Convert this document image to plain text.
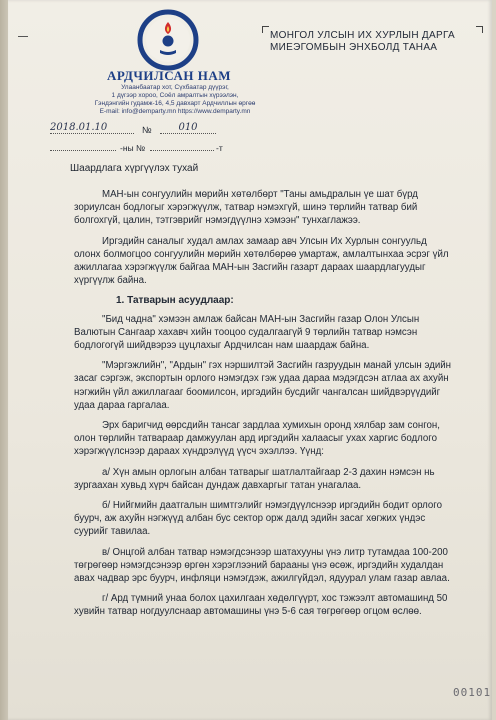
АРДЧИЛСАН НАМ
Улаанбаатар хот, Сүхбаатар дүүрэг,
1 дүгээр хороо, Соёл амралтын хүрээлэн,
Гэндэнгийн гудамж-16, 4,5 давхарт Ардчиллын өргөө
E-mail: info@demparty.mn https://www.demparty.mn
МОНГОЛ УЛСЫН ИХ ХУРЛЫН ДАРГА
МИЕЭГОМБЫН ЭНХБОЛД ТАНАА
2018.01.10	№	010
-ны №	-т
Шаардлага хүргүүлэх тухай

МАН-ын сонгуулийн мөрийн хөтөлбөрт "Таны амьдралын үе шат бүрд
зориулсан бодлогыг хэрэгжүүлж, татвар нэмэхгүй, шинэ төрлийн татвар бий
болгохгүй, цалин, тэтгэврийг нэмэгдүүлнэ хэмээн" тунхаглажээ.

Иргэдийн саналыг худал амлах замаар авч Улсын Их Хурлын сонгуульд
олонх болмогцоо сонгуулийн мөрийн хөтөлбөрөө умартаж, амлалтынхаа эсрэг үйл
ажиллагаа хэрэгжүүлж байгаа МАН-ын Засгийн газарт дараах шаардлагуудыг
хүргүүлж байна.

1. Татварын асуудлаар:

"Бид чадна" хэмээн амлаж байсан МАН-ын Засгийн газар Олон Улсын
Валютын Сангаар хахавч хийн тооцоо судалгаагүй 9 төрлийн татвар нэмсэн
бодлогогүй шийдвэрээ цуцлахыг Ардчилсан нам шаардаж байна.

"Мэргэжлийн", "Ардын" гэх нэршилтэй Засгийн газруудын манай улсын эдийн
засаг сэргэж, экспортын орлого нэмэгдэх гэж удаа дараа мэдэгдсэн атлаа ах ахуйн
нэгжийн үйл ажиллагааг боомилсон, иргэдийн бусдийг чангалсан шийдвэрүүдийг
удаа дараа гаргалаа.

Эрх баригчид өөрсдийн тансаг зардлаа хумихын оронд хялбар зам сонгон,
олон төрлийн татвараар дамжуулан ард иргэдийн халаасыг ухах харгис бодлого
хэрэгжүүлснээр дараах хүндрэлүүд үүсч эхэллээ. Үүнд:

а/ Хүн амын орлогын албан татварыг шатлалтайгаар 2-3 дахин нэмсэн нь
зургаахан хувьд хүрч байсан дундаж давхаргыг татан унагалаа.

б/ Нийгмийн даатгалын шимтгэлийг нэмэгдүүлснээр иргэдийн бодит орлого
буурч, аж ахуйн нэгжүүд албан бус сектор орж далд эдийн засаг хөгжих үндэс
суурийг тавилаа.

в/ Онцгой албан татвар нэмэгдсэнээр шатахууны үнэ литр тутамдаа 100-200
төгрөгөөр нэмэгдсэнээр өргөн хэрэглээний барааны үнэ өсөж, иргэдийн худалдан
авах чадвар эрс буурч, инфляци нэмэгдэж, ажилгүйдэл, ядуурал улам газар авлаа.

г/ Ард түмний унаа болох цахилгаан хөдөлгүүрт, хос тэжээлт автомашинд 50
хувийн татвар ногдуулснаар автомашины үнэ 5-6 сая төгрөгөөр огцом өслөө.

00101
